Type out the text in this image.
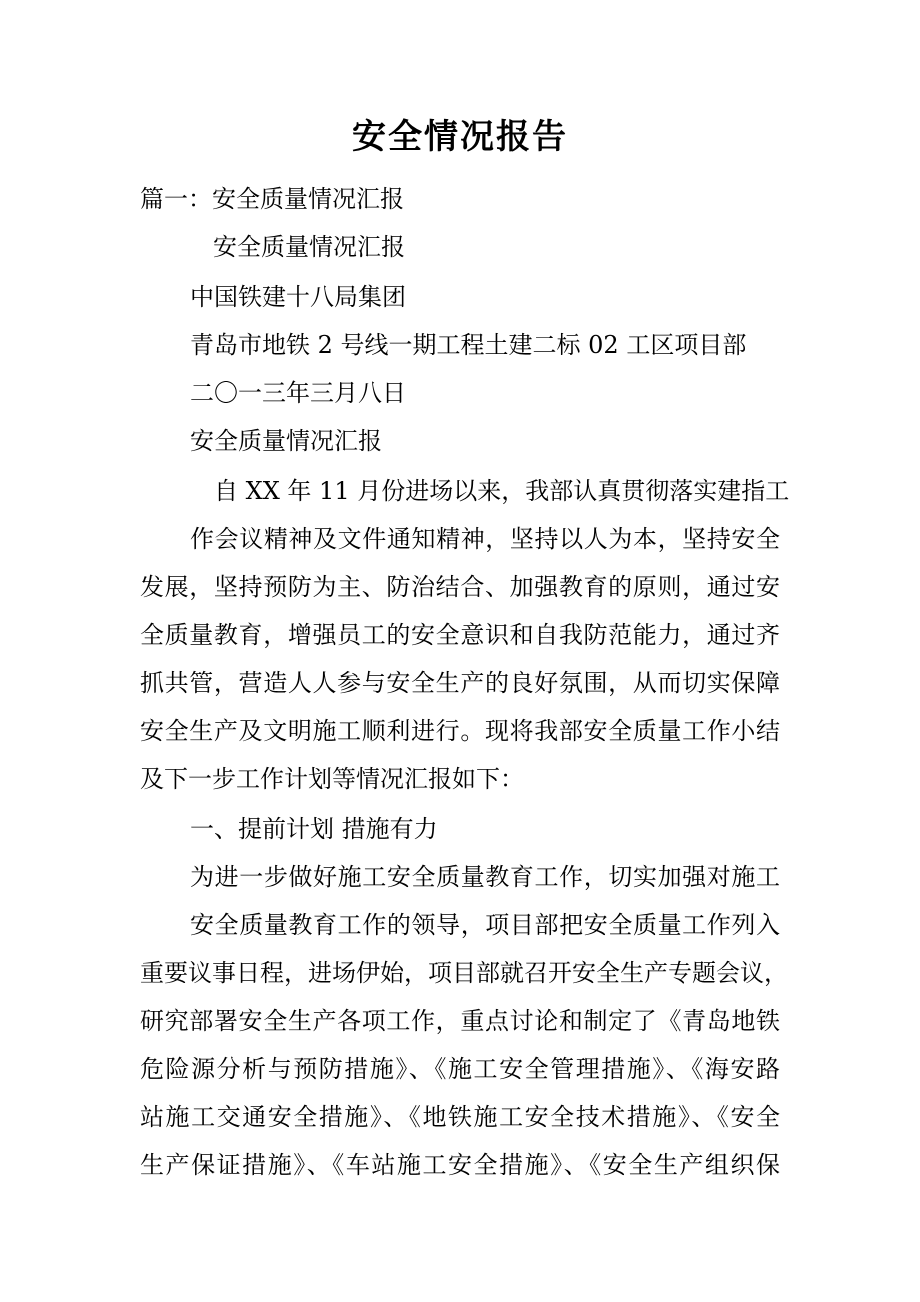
安全情况报告
篇一：安全质量情况汇报
安全质量情况汇报
中国铁建十八局集团
青岛市地铁 2 号线一期工程土建二标 02 工区项目部
二〇一三年三月八日
安全质量情况汇报
自 XX 年 11 月份进场以来，我部认真贯彻落实建指工
作会议精神及文件通知精神，坚持以人为本，坚持安全
发展，坚持预防为主、防治结合、加强教育的原则，通过安
全质量教育，增强员工的安全意识和自我防范能力，通过齐
抓共管，营造人人参与安全生产的良好氛围，从而切实保障
安全生产及文明施工顺利进行。现将我部安全质量工作小结
及下一步工作计划等情况汇报如下：
一、提前计划 措施有力
为进一步做好施工安全质量教育工作，切实加强对施工
安全质量教育工作的领导，项目部把安全质量工作列入
重要议事日程，进场伊始，项目部就召开安全生产专题会议，
研究部署安全生产各项工作，重点讨论和制定了《青岛地铁
危险源分析与预防措施》、《施工安全管理措施》、《海安路
站施工交通安全措施》、《地铁施工安全技术措施》、《安全
生产保证措施》、《车站施工安全措施》、《安全生产组织保
